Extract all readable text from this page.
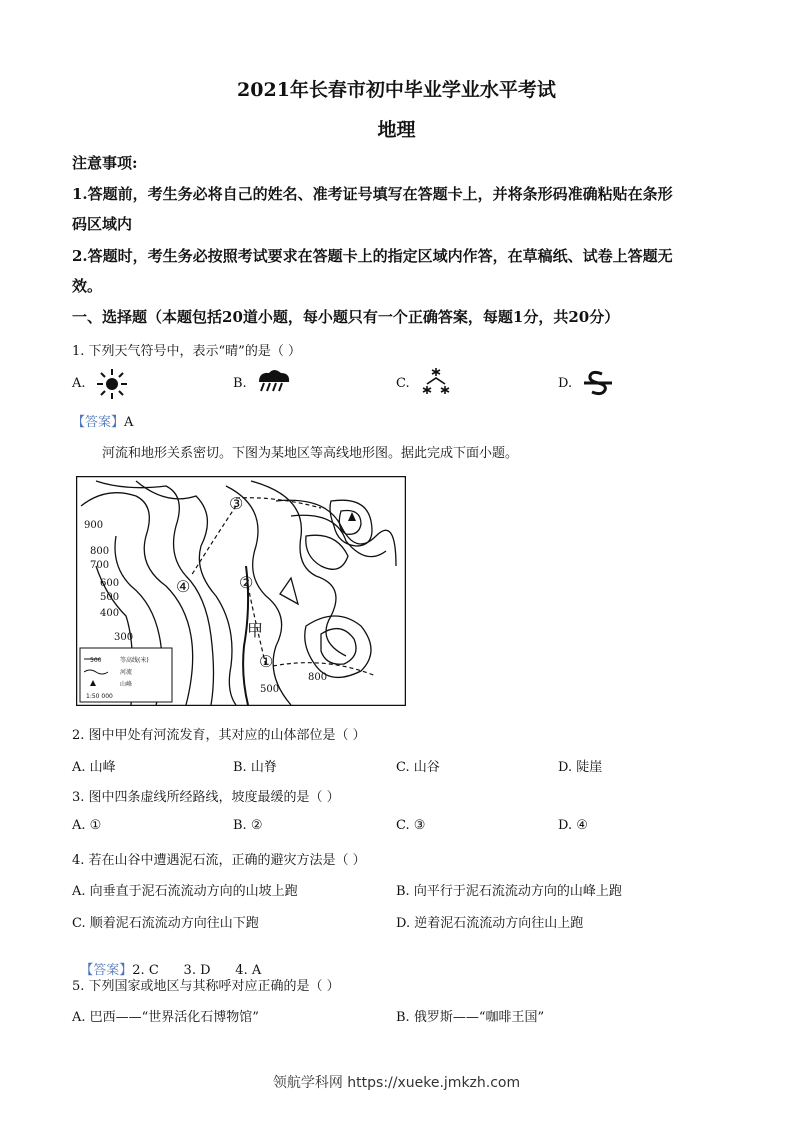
2021年长春市初中毕业学业水平考试
地理
注意事项:
1.答题前，考生务必将自己的姓名、准考证号填写在答题卡上，并将条形码准确粘贴在条形
码区域内
2.答题时，考生务必按照考试要求在答题卡上的指定区域内作答，在草稿纸、试卷上答题无
效。
一、选择题（本题包括20道小题，每小题只有一个正确答案，每题1分，共20分）
1. 下列天气符号中，表示“晴”的是（ ）
A.	B.	C.	D.
【答案】A
河流和地形关系密切。下图为某地区等高线地形图。据此完成下面小题。
900
800
700
600
500
400
300
500
800
③
④	②
①
甲
500	等高线(米)
河流
山峰
1:50 000
2. 图中甲处有河流发育，其对应的山体部位是（ ）
A. 山峰	B. 山脊	C. 山谷	D. 陡崖
3. 图中四条虚线所经路线，坡度最缓的是（ ）
A. ①	B. ②	C. ③	D. ④
4. 若在山谷中遭遇泥石流，正确的避灾方法是（ ）
A. 向垂直于泥石流流动方向的山坡上跑	B. 向平行于泥石流流动方向的山峰上跑
C. 顺着泥石流流动方向往山下跑	D. 逆着泥石流流动方向往山上跑

【答案】2. C      3. D      4. A

5. 下列国家或地区与其称呼对应正确的是（ ）
A. 巴西——“世界活化石博物馆”	B. 俄罗斯——“咖啡王国”
领航学科网 https://xueke.jmkzh.com
